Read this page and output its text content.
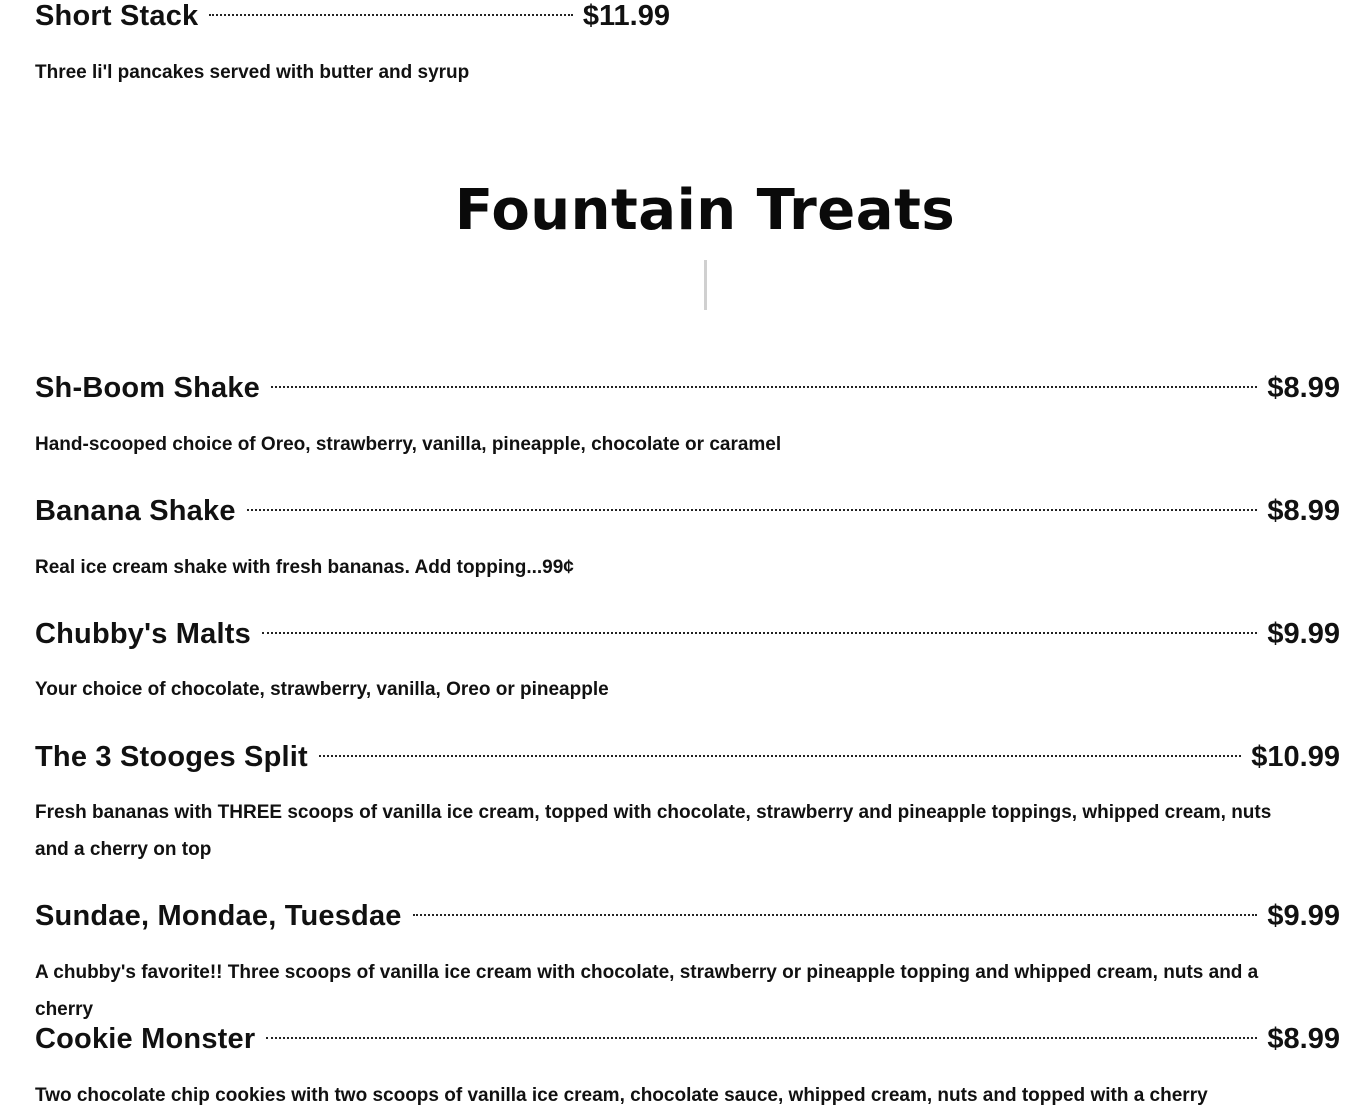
Short Stack	$11.99

Three li'l pancakes served with butter and syrup

Fountain Treats
Sh-Boom Shake	$8.99

Hand-scooped choice of Oreo, strawberry, vanilla, pineapple, chocolate or caramel

Banana Shake	$8.99

Real ice cream shake with fresh bananas. Add topping...99¢

Chubby's Malts	$9.99

Your choice of chocolate, strawberry, vanilla, Oreo or pineapple

The 3 Stooges Split	$10.99

Fresh bananas with THREE scoops of vanilla ice cream, topped with chocolate, strawberry and pineapple toppings, whipped cream, nuts and a cherry on top

Sundae, Mondae, Tuesdae	$9.99

A chubby's favorite!! Three scoops of vanilla ice cream with chocolate, strawberry or pineapple topping and whipped cream, nuts and a cherry

Cookie Monster	$8.99

Two chocolate chip cookies with two scoops of vanilla ice cream, chocolate sauce, whipped cream, nuts and topped with a cherry
